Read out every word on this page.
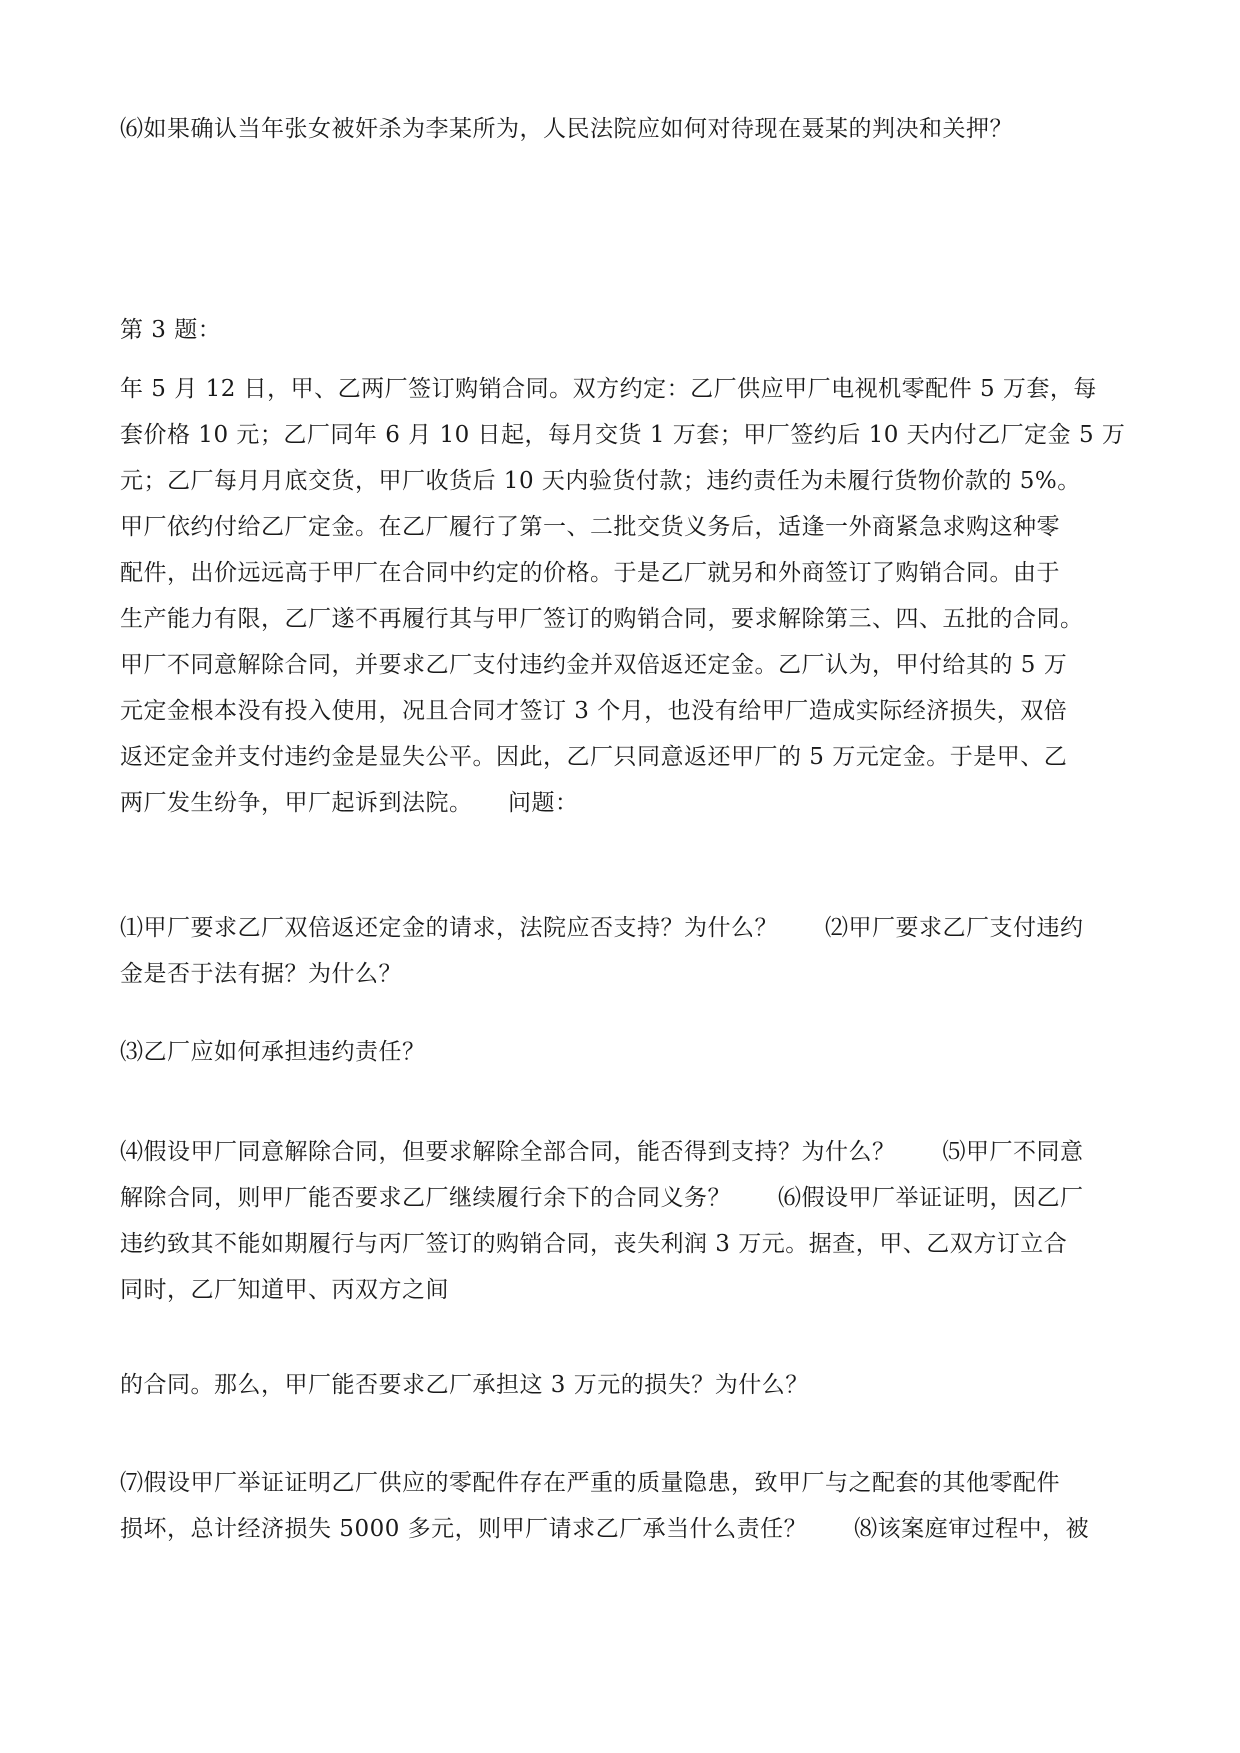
⑹如果确认当年张女被奸杀为李某所为，人民法院应如何对待现在聂某的判决和关押？

第 3 题：

年 5 月 12 日，甲、乙两厂签订购销合同。双方约定：乙厂供应甲厂电视机零配件 5 万套，每
套价格 10 元；乙厂同年 6 月 10 日起，每月交货 1 万套；甲厂签约后 10 天内付乙厂定金 5 万
元；乙厂每月月底交货，甲厂收货后 10 天内验货付款；违约责任为未履行货物价款的 5%。
甲厂依约付给乙厂定金。在乙厂履行了第一、二批交货义务后，适逢一外商紧急求购这种零
配件，出价远远高于甲厂在合同中约定的价格。于是乙厂就另和外商签订了购销合同。由于
生产能力有限，乙厂遂不再履行其与甲厂签订的购销合同，要求解除第三、四、五批的合同。
甲厂不同意解除合同，并要求乙厂支付违约金并双倍返还定金。乙厂认为，甲付给其的 5 万
元定金根本没有投入使用，况且合同才签订 3 个月，也没有给甲厂造成实际经济损失，双倍
返还定金并支付违约金是显失公平。因此，乙厂只同意返还甲厂的 5 万元定金。于是甲、乙
两厂发生纷争，甲厂起诉到法院。　　问题：

⑴甲厂要求乙厂双倍返还定金的请求，法院应否支持？为什么？　　⑵甲厂要求乙厂支付违约
金是否于法有据？为什么？

⑶乙厂应如何承担违约责任？

⑷假设甲厂同意解除合同，但要求解除全部合同，能否得到支持？为什么？　　⑸甲厂不同意
解除合同，则甲厂能否要求乙厂继续履行余下的合同义务？　　⑹假设甲厂举证证明，因乙厂
违约致其不能如期履行与丙厂签订的购销合同，丧失利润 3 万元。据查，甲、乙双方订立合
同时，乙厂知道甲、丙双方之间

的合同。那么，甲厂能否要求乙厂承担这 3 万元的损失？为什么？

⑺假设甲厂举证证明乙厂供应的零配件存在严重的质量隐患，致甲厂与之配套的其他零配件
损坏，总计经济损失 5000 多元，则甲厂请求乙厂承当什么责任？　　⑻该案庭审过程中，被
